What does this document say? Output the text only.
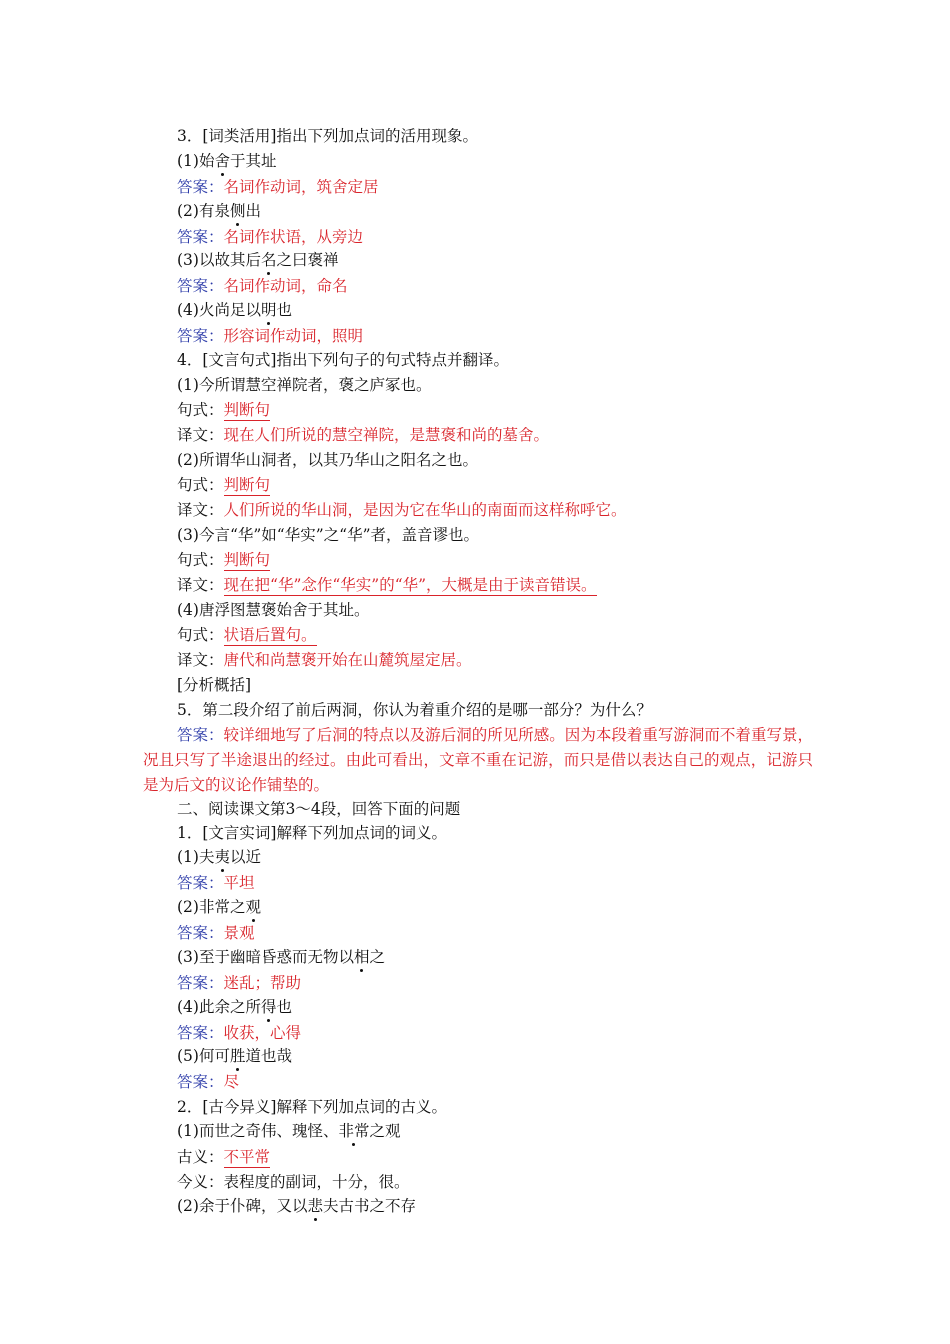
3．[词类活用]指出下列加点词的活用现象。
(1)始舍于其址
答案：名词作动词，筑舍定居
(2)有泉侧出
答案：名词作状语，从旁边
(3)以故其后名之曰褒禅
答案：名词作动词，命名
(4)火尚足以明也
答案：形容词作动词，照明
4．[文言句式]指出下列句子的句式特点并翻译。
(1)今所谓慧空禅院者，褒之庐冢也。
句式：判断句
译文：现在人们所说的慧空禅院，是慧褒和尚的墓舍。
(2)所谓华山洞者，以其乃华山之阳名之也。
句式：判断句
译文：人们所说的华山洞，是因为它在华山的南面而这样称呼它。
(3)今言“华”如“华实”之“华”者，盖音谬也。
句式：判断句
译文：现在把“华”念作“华实”的“华”，大概是由于读音错误。
(4)唐浮图慧褒始舍于其址。
句式：状语后置句。
译文：唐代和尚慧褒开始在山麓筑屋定居。
[分析概括]
5．第二段介绍了前后两洞，你认为着重介绍的是哪一部分？为什么？
答案：较详细地写了后洞的特点以及游后洞的所见所感。因为本段着重写游洞而不着重写景，况且只写了半途退出的经过。由此可看出，文章不重在记游，而只是借以表达自己的观点，记游只是为后文的议论作铺垫的。
二、阅读课文第3～4段，回答下面的问题
1．[文言实词]解释下列加点词的词义。
(1)夫夷以近
答案：平坦
(2)非常之观
答案：景观
(3)至于幽暗昏惑而无物以相之
答案：迷乱；帮助
(4)此余之所得也
答案：收获，心得
(5)何可胜道也哉
答案：尽
2．[古今异义]解释下列加点词的古义。
(1)而世之奇伟、瑰怪、非常之观
古义：不平常
今义：表程度的副词，十分，很。
(2)余于仆碑，又以悲夫古书之不存
